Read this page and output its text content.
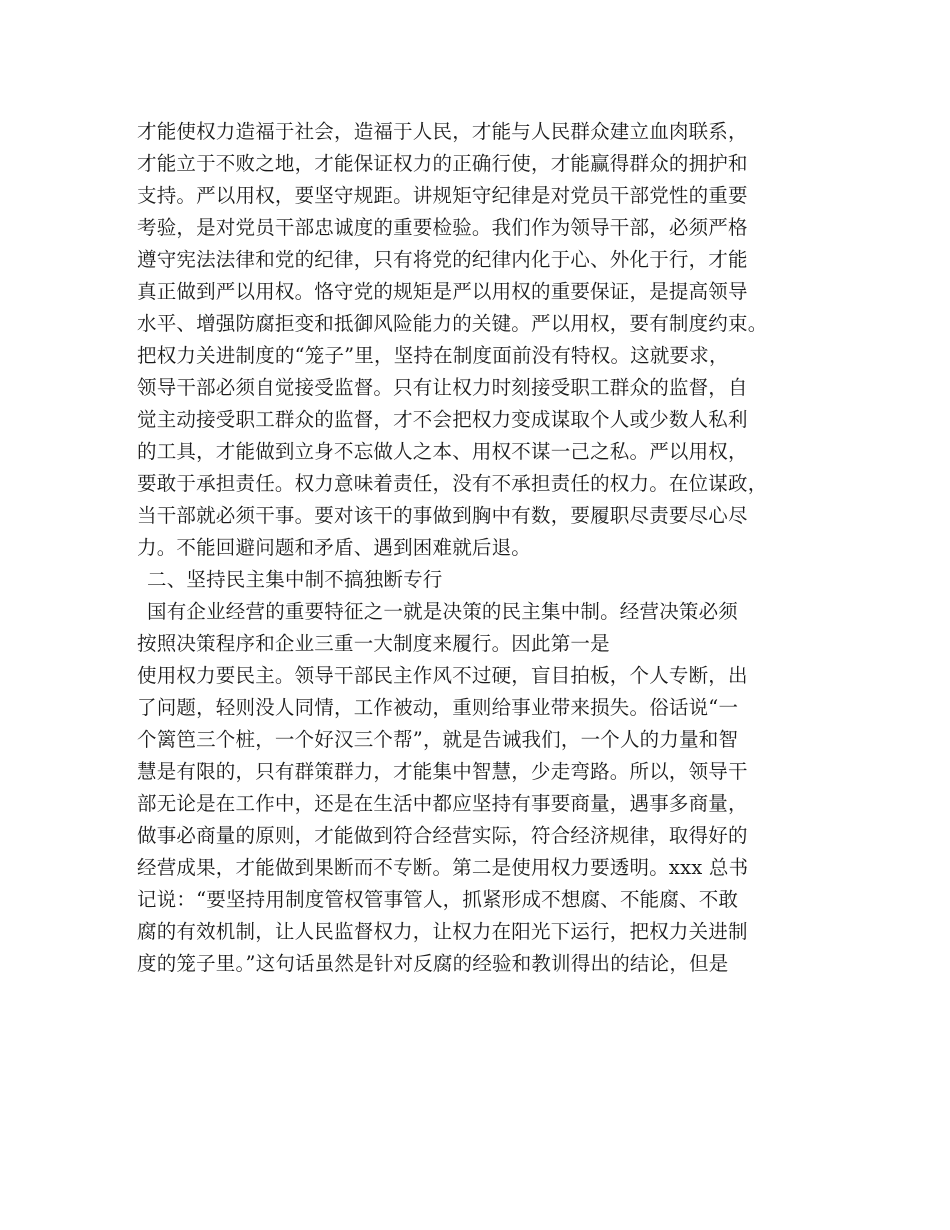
才能使权力造福于社会，造福于人民，才能与人民群众建立血肉联系，
才能立于不败之地，才能保证权力的正确行使，才能赢得群众的拥护和
支持。严以用权，要坚守规距。讲规矩守纪律是对党员干部党性的重要
考验，是对党员干部忠诚度的重要检验。我们作为领导干部，必须严格
遵守宪法法律和党的纪律，只有将党的纪律内化于心、外化于行，才能
真正做到严以用权。恪守党的规矩是严以用权的重要保证，是提高领导
水平、增强防腐拒变和抵御风险能力的关键。严以用权，要有制度约束。
把权力关进制度的“笼子”里，坚持在制度面前没有特权。这就要求，
领导干部必须自觉接受监督。只有让权力时刻接受职工群众的监督，自
觉主动接受职工群众的监督，才不会把权力变成谋取个人或少数人私利
的工具，才能做到立身不忘做人之本、用权不谋一己之私。严以用权，
要敢于承担责任。权力意味着责任，没有不承担责任的权力。在位谋政，
当干部就必须干事。要对该干的事做到胸中有数，要履职尽责要尽心尽
力。不能回避问题和矛盾、遇到困难就后退。
二、坚持民主集中制不搞独断专行
国有企业经营的重要特征之一就是决策的民主集中制。经营决策必须
按照决策程序和企业三重一大制度来履行。因此第一是
使用权力要民主。领导干部民主作风不过硬，盲目拍板，个人专断，出
了问题，轻则没人同情，工作被动，重则给事业带来损失。俗话说“一
个篱笆三个桩，一个好汉三个帮”，就是告诫我们，一个人的力量和智
慧是有限的，只有群策群力，才能集中智慧，少走弯路。所以，领导干
部无论是在工作中，还是在生活中都应坚持有事要商量，遇事多商量，
做事必商量的原则，才能做到符合经营实际，符合经济规律，取得好的
经营成果，才能做到果断而不专断。第二是使用权力要透明。xxx 总书
记说：“要坚持用制度管权管事管人，抓紧形成不想腐、不能腐、不敢
腐的有效机制，让人民监督权力，让权力在阳光下运行，把权力关进制
度的笼子里。”这句话虽然是针对反腐的经验和教训得出的结论，但是
